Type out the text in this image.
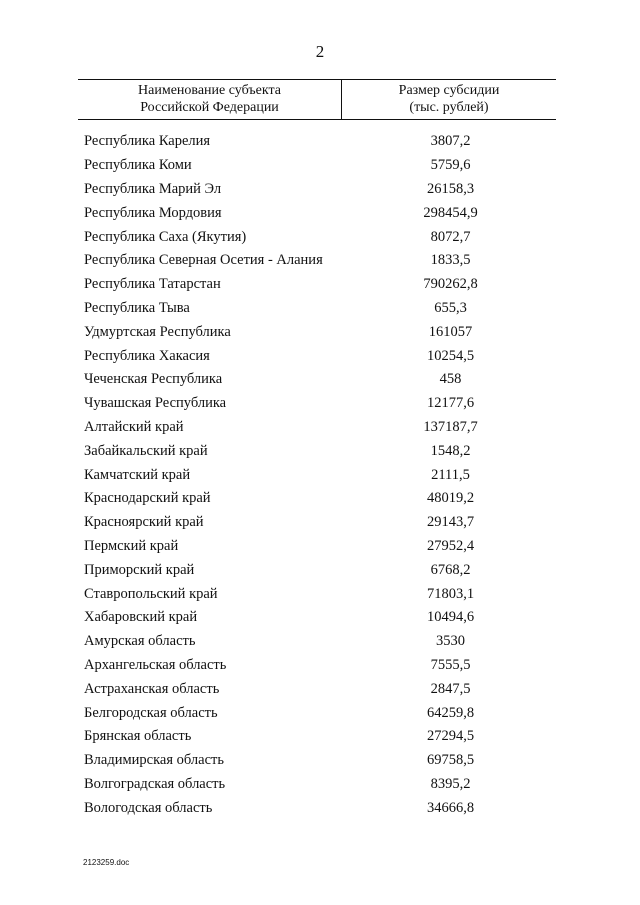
2
Наименование субъекта
Российской Федерации
Размер субсидии
(тыс. рублей)
Республика Карелия	3807,2
Республика Коми	5759,6
Республика Марий Эл	26158,3
Республика Мордовия	298454,9
Республика Саха (Якутия)	8072,7
Республика Северная Осетия - Алания	1833,5
Республика Татарстан	790262,8
Республика Тыва	655,3
Удмуртская Республика	161057
Республика Хакасия	10254,5
Чеченская Республика	458
Чувашская Республика	12177,6
Алтайский край	137187,7
Забайкальский край	1548,2
Камчатский край	2111,5
Краснодарский край	48019,2
Красноярский край	29143,7
Пермский край	27952,4
Приморский край	6768,2
Ставропольский край	71803,1
Хабаровский край	10494,6
Амурская область	3530
Архангельская область	7555,5
Астраханская область	2847,5
Белгородская область	64259,8
Брянская область	27294,5
Владимирская область	69758,5
Волгоградская область	8395,2
Вологодская область	34666,8
2123259.doc
